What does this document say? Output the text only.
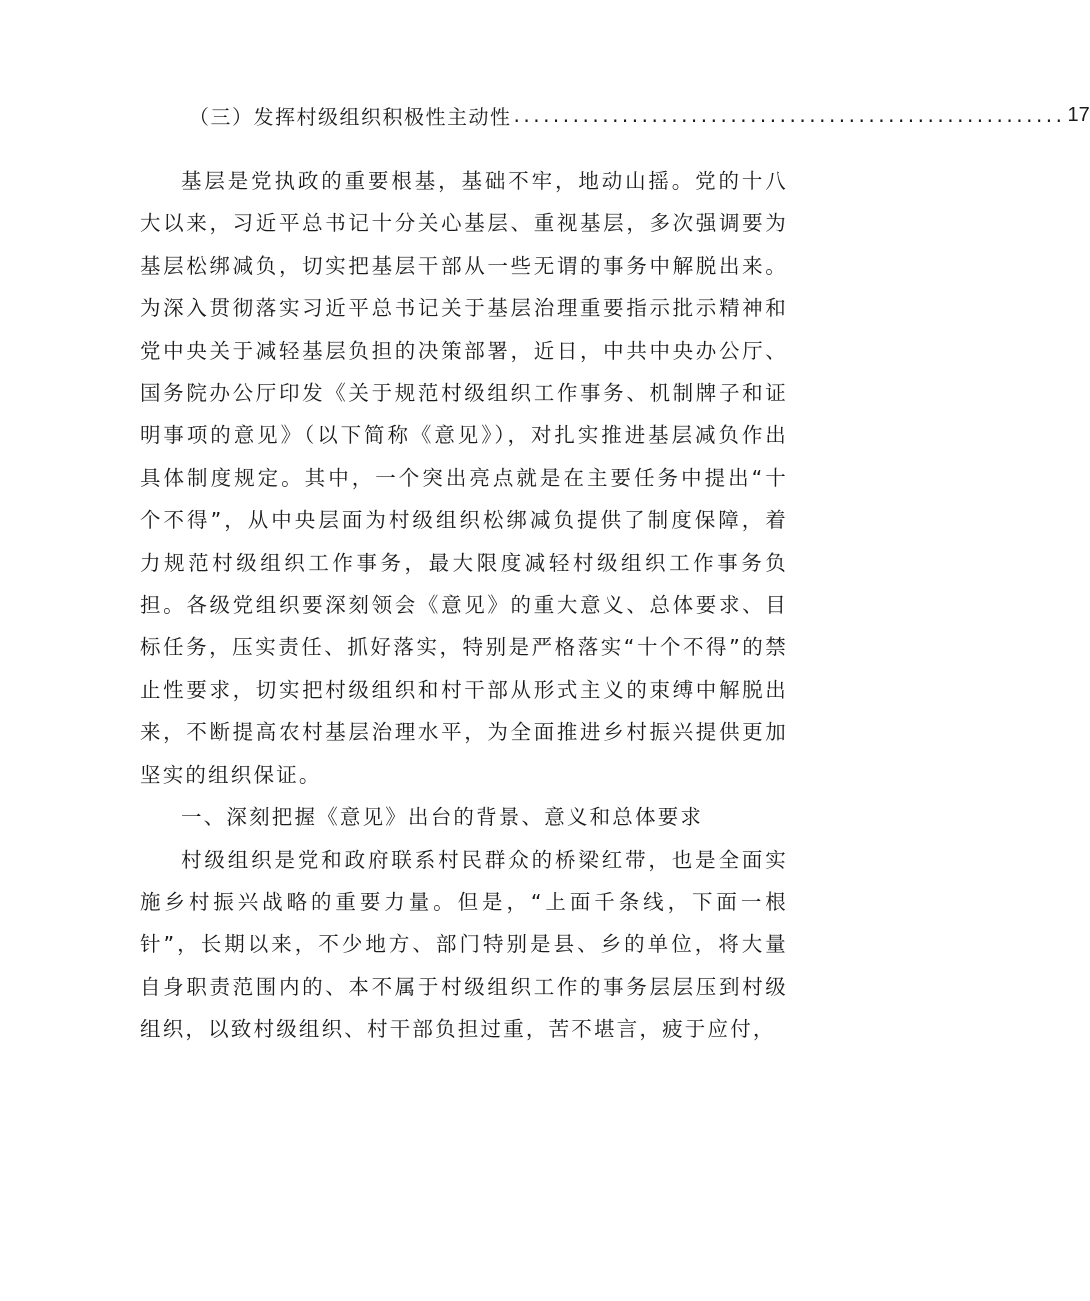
（三）发挥村级组织积极性主动性 ........................................................ 17

基层是党执政的重要根基，基础不牢，地动山摇。党的十八大以来，习近平总书记十分关心基层、重视基层，多次强调要为基层松绑减负，切实把基层干部从一些无谓的事务中解脱出来。为深入贯彻落实习近平总书记关于基层治理重要指示批示精神和党中央关于减轻基层负担的决策部署，近日，中共中央办公厅、国务院办公厅印发《关于规范村级组织工作事务、机制牌子和证明事项的意见》（以下简称《意见》），对扎实推进基层减负作出具体制度规定。其中，一个突出亮点就是在主要任务中提出“十个不得”，从中央层面为村级组织松绑减负提供了制度保障，着力规范村级组织工作事务，最大限度减轻村级组织工作事务负担。各级党组织要深刻领会《意见》的重大意义、总体要求、目标任务，压实责任、抓好落实，特别是严格落实“十个不得”的禁止性要求，切实把村级组织和村干部从形式主义的束缚中解脱出来，不断提高农村基层治理水平，为全面推进乡村振兴提供更加坚实的组织保证。

一、深刻把握《意见》出台的背景、意义和总体要求

村级组织是党和政府联系村民群众的桥梁红带，也是全面实施乡村振兴战略的重要力量。但是，“上面千条线，下面一根针”，长期以来，不少地方、部门特别是县、乡的单位，将大量自身职责范围内的、本不属于村级组织工作的事务层层压到村级组织，以致村级组织、村干部负担过重，苦不堪言，疲于应付，
